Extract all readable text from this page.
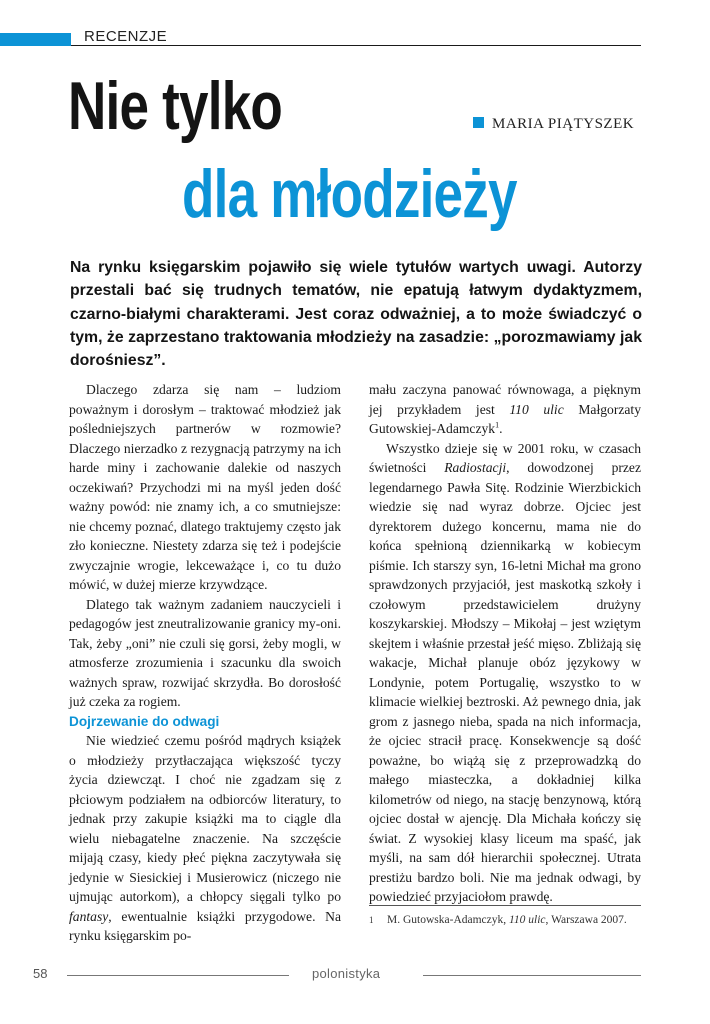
RECENZJE
Nie tylko
dla młodzieży
MARIA PIĄTYSZEK
Na rynku księgarskim pojawiło się wiele tytułów wartych uwagi. Autorzy przestali bać się trudnych tematów, nie epatują łatwym dydaktyzmem, czarno-białymi charakterami. Jest coraz odważniej, a to może świadczyć o tym, że zaprzestano traktowania młodzieży na zasadzie: „porozmawiamy jak dorośniesz”.

Dlaczego zdarza się nam – ludziom poważnym i dorosłym – traktować młodzież jak pośledniejszych partnerów w rozmowie? Dlaczego nierzadko z rezygnacją patrzymy na ich harde miny i zachowanie dalekie od naszych oczekiwań? Przychodzi mi na myśl jeden dość ważny powód: nie znamy ich, a co smutniejsze: nie chcemy poznać, dlatego traktujemy często jak zło konieczne. Niestety zdarza się też i podejście zwyczajnie wrogie, lekceważące i, co tu dużo mówić, w dużej mierze krzywdzące.

Dlatego tak ważnym zadaniem nauczycieli i pedagogów jest zneutralizowanie granicy my-oni. Tak, żeby „oni” nie czuli się gorsi, żeby mogli, w atmosferze zrozumienia i szacunku dla swoich ważnych spraw, rozwijać skrzydła. Bo dorosłość już czeka za rogiem.

Dojrzewanie do odwagi

Nie wiedzieć czemu pośród mądrych książek o młodzieży przytłaczająca większość tyczy życia dziewcząt. I choć nie zgadzam się z płciowym podziałem na odbiorców literatury, to jednak przy zakupie książki ma to ciągle dla wielu niebagatelne znaczenie. Na szczęście mijają czasy, kiedy płeć piękna zaczytywała się jedynie w Siesickiej i Musierowicz (niczego nie ujmując autorkom), a chłopcy sięgali tylko po fantasy, ewentualnie książki przygodowe. Na rynku księgarskim po-

mału zaczyna panować równowaga, a pięknym jej przykładem jest 110 ulic Małgorzaty Gutowskiej-Adamczyk$^1$.

Wszystko dzieje się w 2001 roku, w czasach świetności Radiostacji, dowodzonej przez legendarnego Pawła Sitę. Rodzinie Wierzbickich wiedzie się nad wyraz dobrze. Ojciec jest dyrektorem dużego koncernu, mama nie do końca spełnioną dziennikarką w kobiecym piśmie. Ich starszy syn, 16-letni Michał ma grono sprawdzonych przyjaciół, jest maskotką szkoły i czołowym przedstawicielem drużyny koszykarskiej. Młodszy – Mikołaj – jest wziętym skejtem i właśnie przestał jeść mięso. Zbliżają się wakacje, Michał planuje obóz językowy w Londynie, potem Portugalię, wszystko to w klimacie wielkiej beztroski. Aż pewnego dnia, jak grom z jasnego nieba, spada na nich informacja, że ojciec stracił pracę. Konsekwencje są dość poważne, bo wiążą się z przeprowadzką do małego miasteczka, a dokładniej kilka kilometrów od niego, na stację benzynową, którą ojciec dostał w ajencję. Dla Michała kończy się świat. Z wysokiej klasy liceum ma spaść, jak myśli, na sam dół hierarchii społecznej. Utrata prestiżu bardzo boli. Nie ma jednak odwagi, by powiedzieć przyjaciołom prawdę.

1 M. Gutowska-Adamczyk, 110 ulic, Warszawa 2007.
58	polonistyka
